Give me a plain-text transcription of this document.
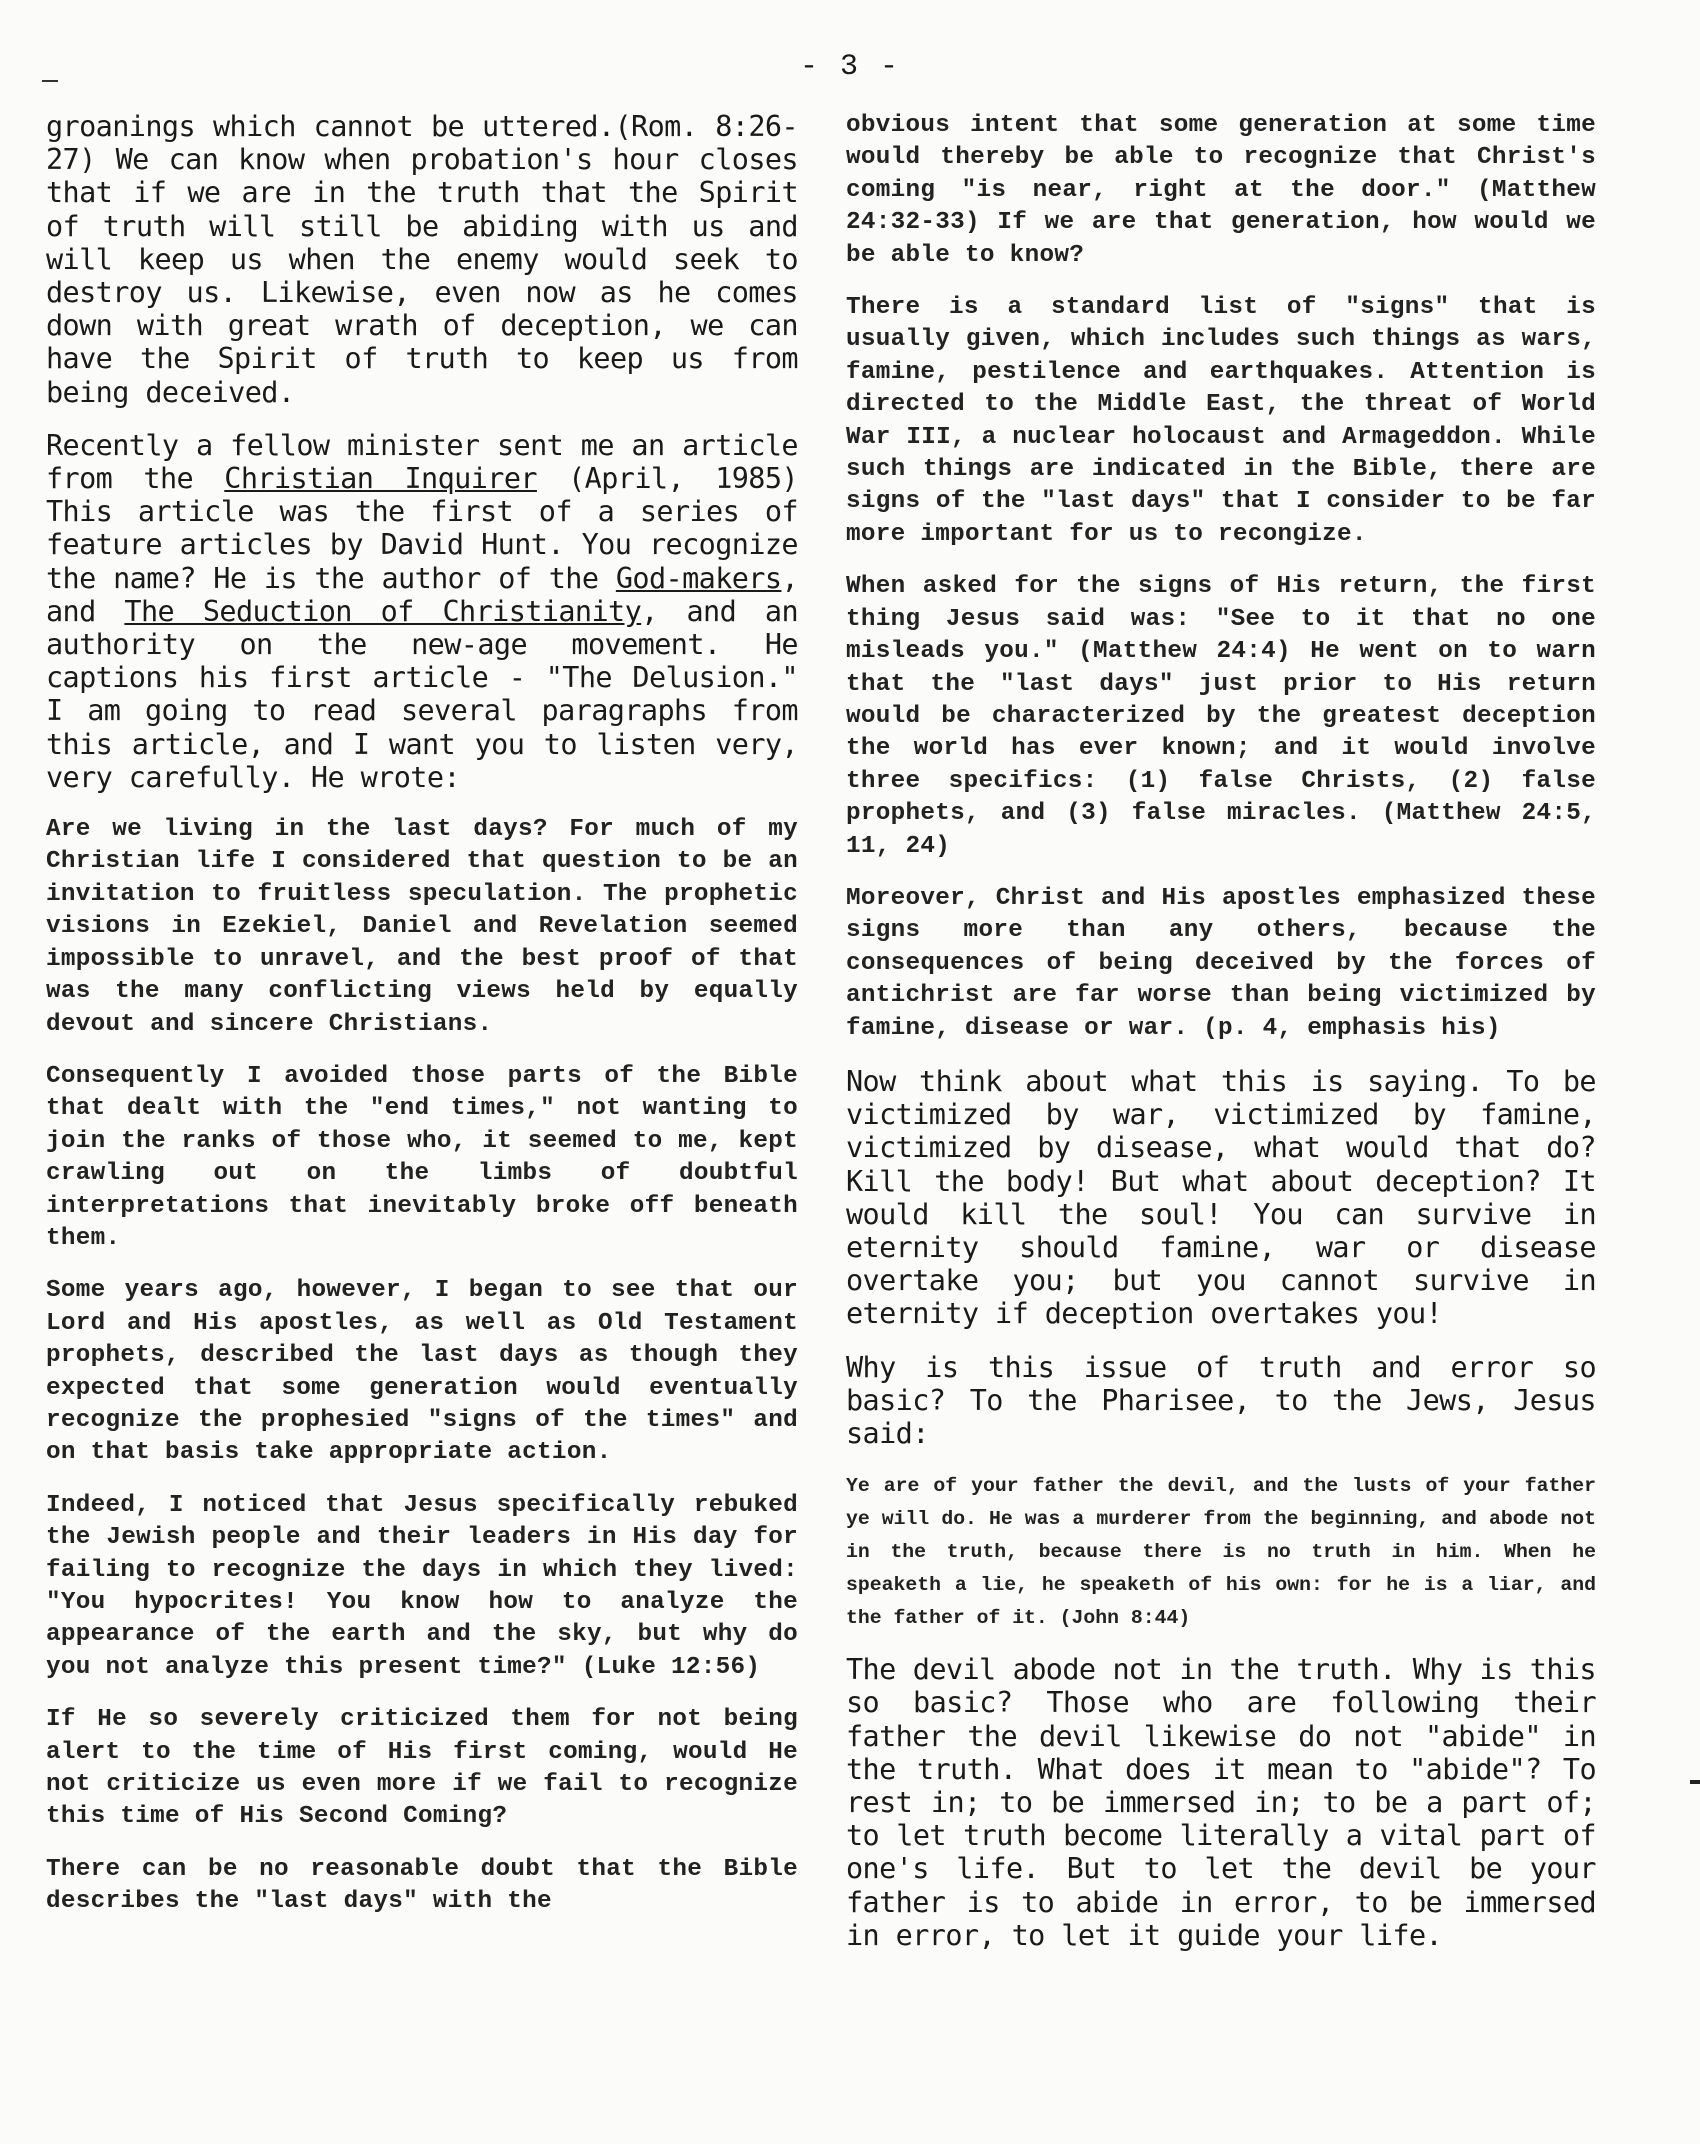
- 3 -

groanings which cannot be uttered.(Rom. 8:26-27) We can know when probation's hour closes that if we are in the truth that the Spirit of truth will still be abiding with us and will keep us when the enemy would seek to destroy us. Likewise, even now as he comes down with great wrath of deception, we can have the Spirit of truth to keep us from being deceived.

Recently a fellow minister sent me an article from the Christian Inquirer (April, 1985) This article was the first of a series of feature articles by David Hunt. You recognize the name? He is the author of the God-makers, and The Seduction of Christianity, and an authority on the new-age movement. He captions his first article - "The Delusion." I am going to read several paragraphs from this article, and I want you to listen very, very carefully. He wrote:

Are we living in the last days? For much of my Christian life I considered that question to be an invitation to fruitless speculation. The prophetic visions in Ezekiel, Daniel and Revelation seemed impossible to unravel, and the best proof of that was the many conflicting views held by equally devout and sincere Christians.

Consequently I avoided those parts of the Bible that dealt with the "end times," not wanting to join the ranks of those who, it seemed to me, kept crawling out on the limbs of doubtful interpretations that inevitably broke off beneath them.

Some years ago, however, I began to see that our Lord and His apostles, as well as Old Testament prophets, described the last days as though they expected that some generation would eventually recognize the prophesied "signs of the times" and on that basis take appropriate action.

Indeed, I noticed that Jesus specifically rebuked the Jewish people and their leaders in His day for failing to recognize the days in which they lived: "You hypocrites! You know how to analyze the appearance of the earth and the sky, but why do you not analyze this present time?" (Luke 12:56)

If He so severely criticized them for not being alert to the time of His first coming, would He not criticize us even more if we fail to recognize this time of His Second Coming?

There can be no reasonable doubt that the Bible describes the "last days" with the

obvious intent that some generation at some time would thereby be able to recognize that Christ's coming "is near, right at the door." (Matthew 24:32-33) If we are that generation, how would we be able to know?

There is a standard list of "signs" that is usually given, which includes such things as wars, famine, pestilence and earthquakes. Attention is directed to the Middle East, the threat of World War III, a nuclear holocaust and Armageddon. While such things are indicated in the Bible, there are signs of the "last days" that I consider to be far more important for us to recongize.

When asked for the signs of His return, the first thing Jesus said was: "See to it that no one misleads you." (Matthew 24:4) He went on to warn that the "last days" just prior to His return would be characterized by the greatest deception the world has ever known; and it would involve three specifics: (1) false Christs, (2) false prophets, and (3) false miracles. (Matthew 24:5, 11, 24)

Moreover, Christ and His apostles emphasized these signs more than any others, because the consequences of being deceived by the forces of antichrist are far worse than being victimized by famine, disease or war. (p. 4, emphasis his)

Now think about what this is saying. To be victimized by war, victimized by famine, victimized by disease, what would that do? Kill the body! But what about deception? It would kill the soul! You can survive in eternity should famine, war or disease overtake you; but you cannot survive in eternity if deception overtakes you!

Why is this issue of truth and error so basic? To the Pharisee, to the Jews, Jesus said:

Ye are of your father the devil, and the lusts of your father ye will do. He was a murderer from the beginning, and abode not in the truth, because there is no truth in him. When he speaketh a lie, he speaketh of his own: for he is a liar, and the father of it. (John 8:44)

The devil abode not in the truth. Why is this so basic? Those who are following their father the devil likewise do not "abide" in the truth. What does it mean to "abide"? To rest in; to be immersed in; to be a part of; to let truth become literally a vital part of one's life. But to let the devil be your father is to abide in error, to be immersed in error, to let it guide your life.
